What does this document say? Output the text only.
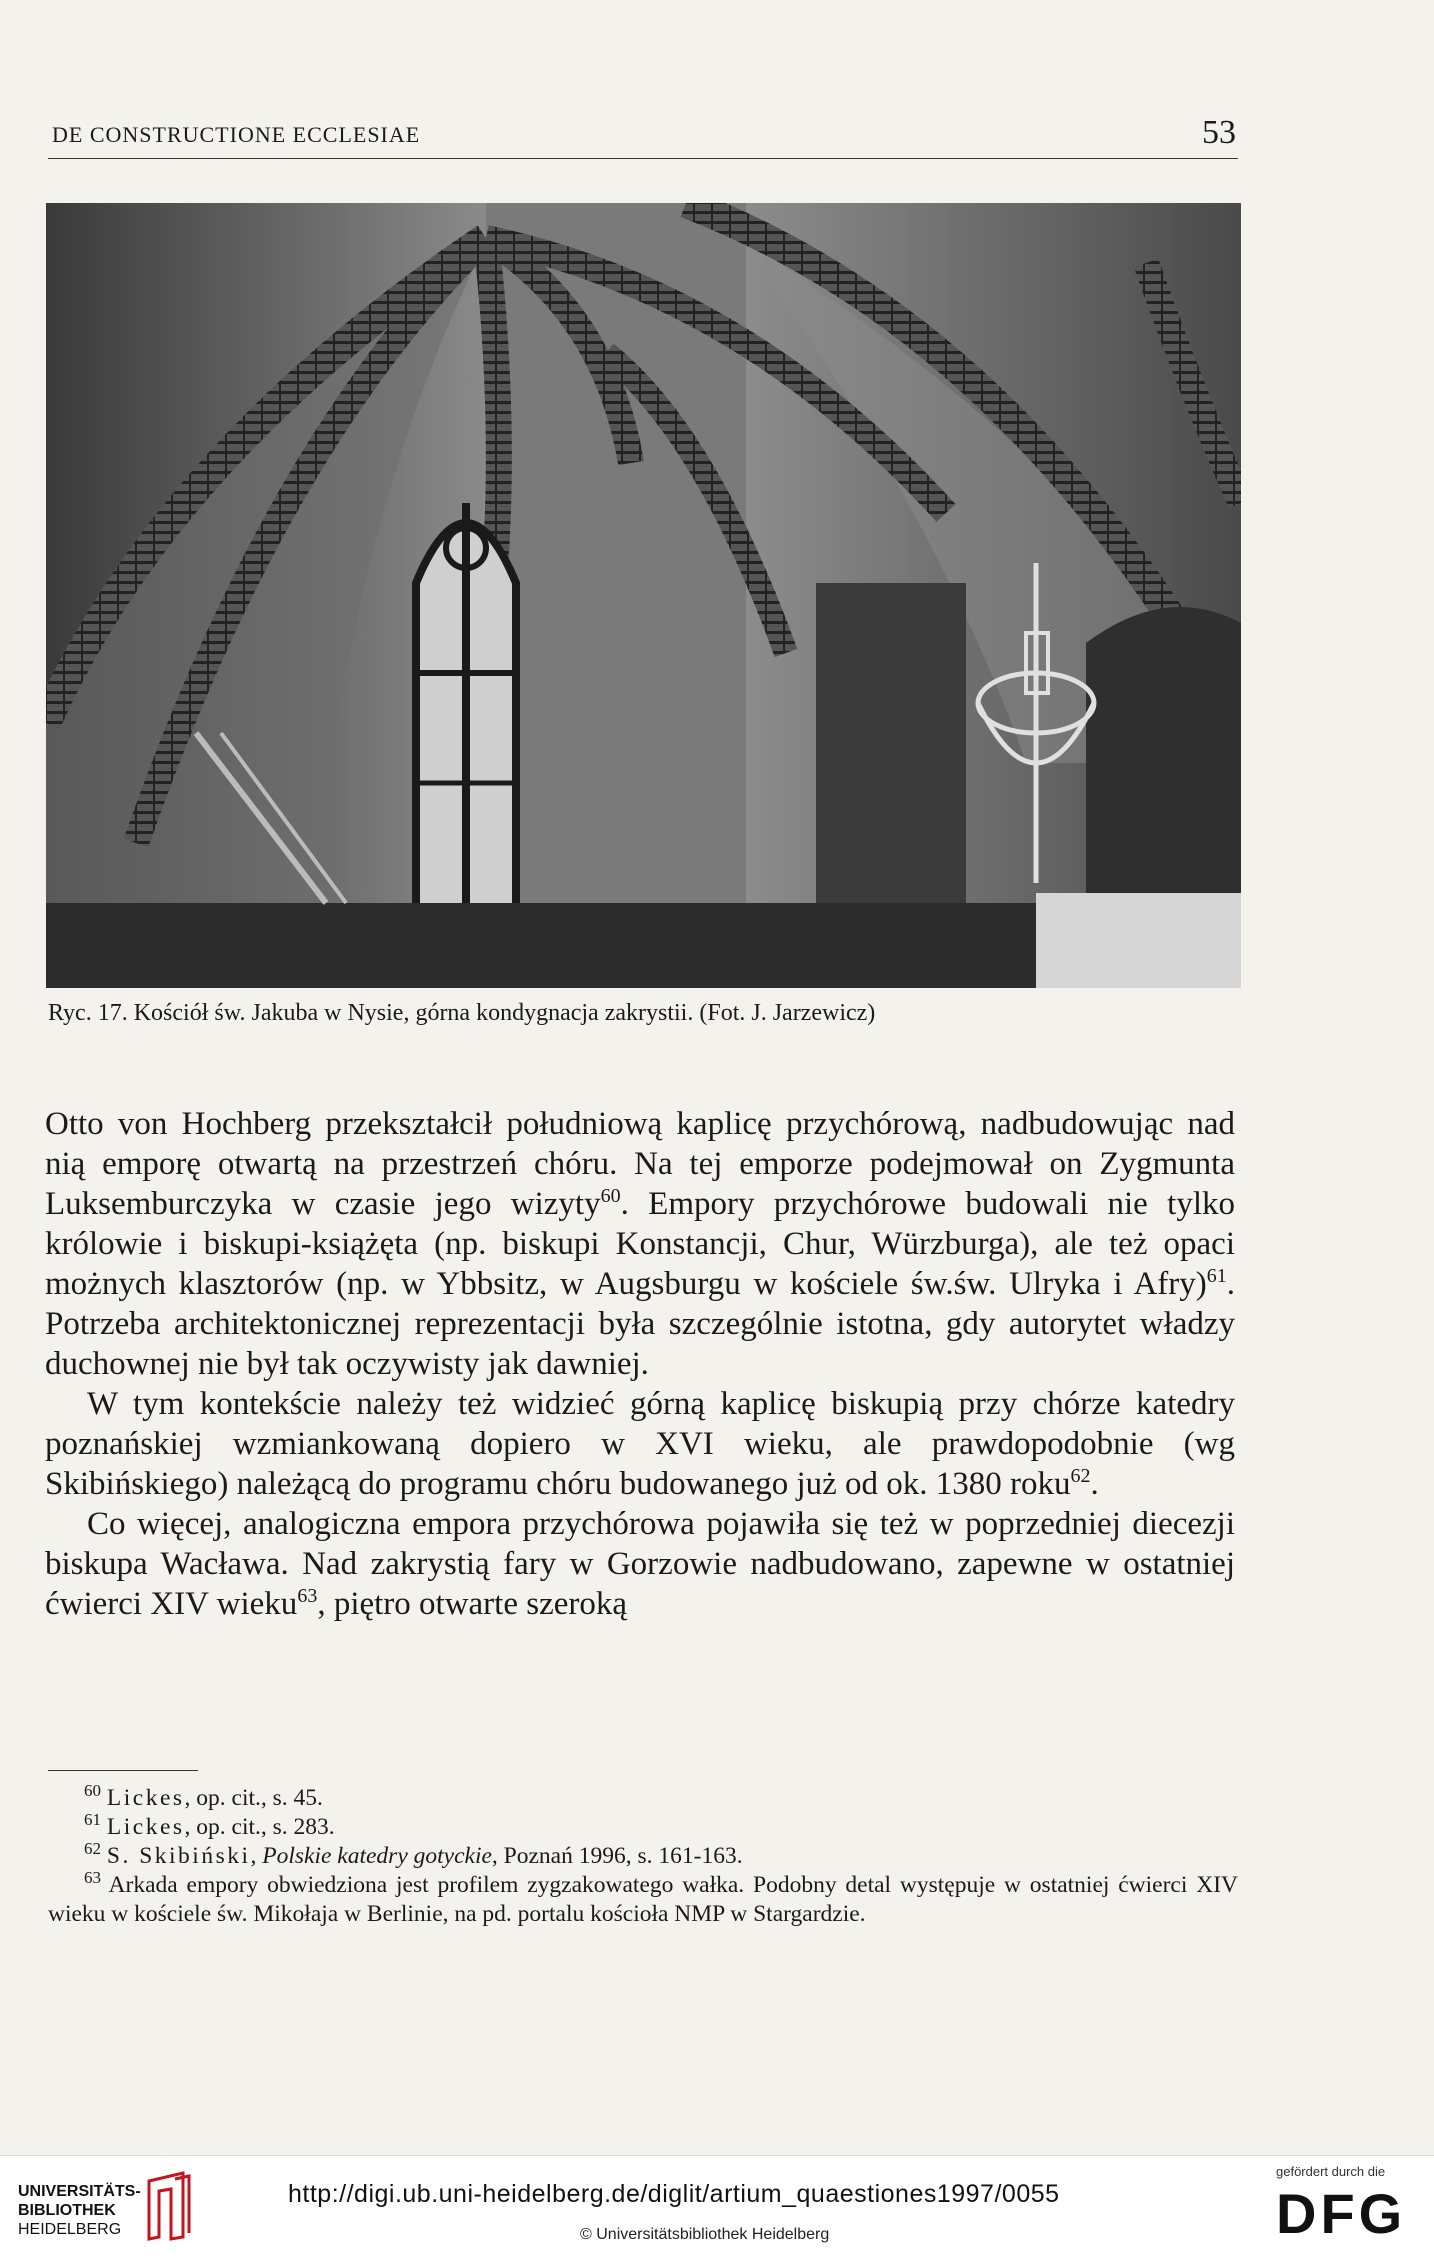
DE CONSTRUCTIONE ECCLESIAE	53
Ryc. 17. Kościół św. Jakuba w Nysie, górna kondygnacja zakrystii. (Fot. J. Jarzewicz)

Otto von Hochberg przekształcił południową kaplicę przychórową, nadbudowując nad nią emporę otwartą na przestrzeń chóru. Na tej emporze podejmował on Zygmunta Luksemburczyka w czasie jego wizyty$^{60}$. Empory przychórowe budowali nie tylko królowie i biskupi-książęta (np. biskupi Konstancji, Chur, Würzburga), ale też opaci możnych klasztorów (np. w Ybbsitz, w Augsburgu w kościele św.św. Ulryka i Afry)$^{61}$. Potrzeba architektonicznej reprezentacji była szczególnie istotna, gdy autorytet władzy duchownej nie był tak oczywisty jak dawniej.

W tym kontekście należy też widzieć górną kaplicę biskupią przy chórze katedry poznańskiej wzmiankowaną dopiero w XVI wieku, ale prawdopodobnie (wg Skibińskiego) należącą do programu chóru budowanego już od ok. 1380 roku$^{62}$.

Co więcej, analogiczna empora przychórowa pojawiła się też w poprzedniej diecezji biskupa Wacława. Nad zakrystią fary w Gorzowie nadbudowano, zapewne w ostatniej ćwierci XIV wieku$^{63}$, piętro otwarte szeroką

$^{60}$ Lickes, op. cit., s. 45.

$^{61}$ Lickes, op. cit., s. 283.

$^{62}$ S. Skibiński, Polskie katedry gotyckie, Poznań 1996, s. 161-163.

$^{63}$ Arkada empory obwiedziona jest profilem zygzakowatego wałka. Podobny detal występuje w ostatniej ćwierci XIV wieku w kościele św. Mikołaja w Berlinie, na pd. portalu kościoła NMP w Stargardzie.

UNIVERSITÄTS-
BIBLIOTHEK
HEIDELBERG
http://digi.ub.uni-heidelberg.de/diglit/artium_quaestiones1997/0055
© Universitätsbibliothek Heidelberg
gefördert durch die
DFG
